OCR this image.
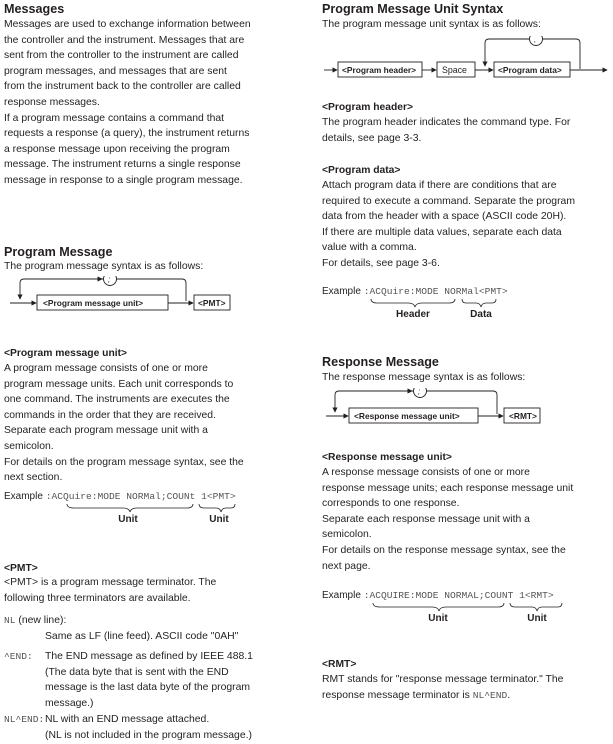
Messages

Messages are used to exchange information between

the controller and the instrument. Messages that are

sent from the controller to the instrument are called

program messages, and messages that are sent

from the instrument back to the controller are called

response messages.

If a program message contains a command that

requests a response (a query), the instrument returns

a response message upon receiving the program

message. The instrument returns a single response

message in response to a single program message.

Program Message

The program message syntax is as follows:

;
<Program message unit>	<PMT>
<Program message unit>

A program message consists of one or more

program message units. Each unit corresponds to

one command. The instruments are executes the

commands in the order that they are received.

Separate each program message unit with a

semicolon.

For details on the program message syntax, see the

next section.

Example :ACQuire:MODE NORMal;COUNt 1<PMT>
Unit	Unit
<PMT>

<PMT> is a program message terminator. The

following three terminators are available.

NL (new line):
Same as LF (line feed). ASCII code "0AH"
^END: The END message as defined by IEEE 488.1
(The data byte that is sent with the END
message is the last data byte of the program
message.)
NL^END: NL with an END message attached.
(NL is not included in the program message.)
Program Message Unit Syntax

The program message unit syntax is as follows:

,
<Program header>	Space	<Program data>
<Program header>

The program header indicates the command type. For

details, see page 3-3.

<Program data>

Attach program data if there are conditions that are

required to execute a command. Separate the program

data from the header with a space (ASCII code 20H).

If there are multiple data values, separate each data

value with a comma.

For details, see page 3-6.

Example :ACQuire:MODE NORMal<PMT>
Header	Data
Response Message

The response message syntax is as follows:

;
<Response message unit>	<RMT>
<Response message unit>

A response message consists of one or more

response message units; each response message unit

corresponds to one response.

Separate each response message unit with a

semicolon.

For details on the response message syntax, see the

next page.

Example :ACQUIRE:MODE NORMAL;COUNT 1<RMT>
Unit	Unit
<RMT>

RMT stands for "response message terminator." The

response message terminator is NL^END.
